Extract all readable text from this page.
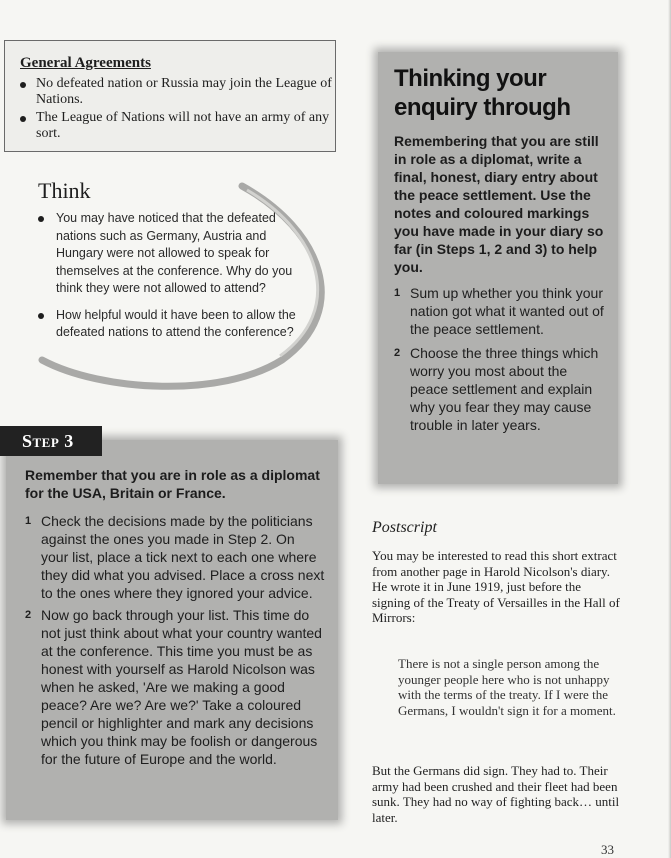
General Agreements
No defeated nation or Russia may join the League of Nations.
The League of Nations will not have an army of any sort.
Think
You may have noticed that the defeated nations such as Germany, Austria and Hungary were not allowed to speak for themselves at the conference. Why do you think they were not allowed to attend?
How helpful would it have been to allow the defeated nations to attend the conference?
Step 3
Remember that you are in role as a diplomat for the USA, Britain or France.
1 Check the decisions made by the politicians against the ones you made in Step 2. On your list, place a tick next to each one where they did what you advised. Place a cross next to the ones where they ignored your advice.
2 Now go back through your list. This time do not just think about what your country wanted at the conference. This time you must be as honest with yourself as Harold Nicolson was when he asked, 'Are we making a good peace? Are we? Are we?' Take a coloured pencil or highlighter and mark any decisions which you think may be foolish or dangerous for the future of Europe and the world.
Thinking your enquiry through
Remembering that you are still in role as a diplomat, write a final, honest, diary entry about the peace settlement. Use the notes and coloured markings you have made in your diary so far (in Steps 1, 2 and 3) to help you.
1 Sum up whether you think your nation got what it wanted out of the peace settlement.
2 Choose the three things which worry you most about the peace settlement and explain why you fear they may cause trouble in later years.
Postscript
You may be interested to read this short extract from another page in Harold Nicolson's diary. He wrote it in June 1919, just before the signing of the Treaty of Versailles in the Hall of Mirrors:
There is not a single person among the younger people here who is not unhappy with the terms of the treaty. If I were the Germans, I wouldn't sign it for a moment.
But the Germans did sign. They had to. Their army had been crushed and their fleet had been sunk. They had no way of fighting back… until later.
33
